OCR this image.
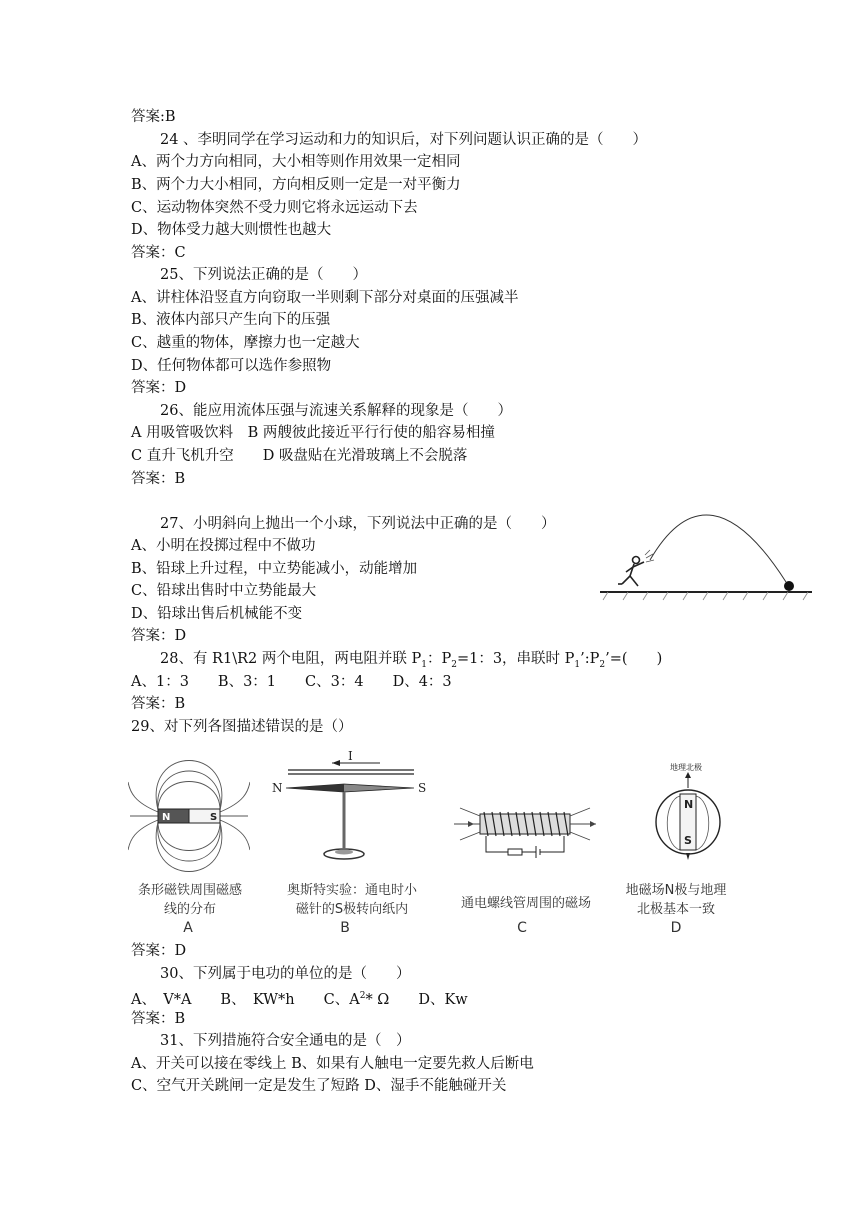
答案:B
24 、李明同学在学习运动和力的知识后，对下列问题认识正确的是（　　）
A、两个力方向相同，大小相等则作用效果一定相同
B、两个力大小相同，方向相反则一定是一对平衡力
C、运动物体突然不受力则它将永远运动下去
D、物体受力越大则惯性也越大
答案：C
25、下列说法正确的是（　　）
A、讲柱体沿竖直方向窃取一半则剩下部分对桌面的压强减半
B、液体内部只产生向下的压强
C、越重的物体，摩擦力也一定越大
D、任何物体都可以选作参照物
答案：D
26、能应用流体压强与流速关系解释的现象是（　　）
A 用吸管吸饮料　B 两艘彼此接近平行行使的船容易相撞
C 直升飞机升空　　D 吸盘贴在光滑玻璃上不会脱落
答案：B
27、小明斜向上抛出一个小球，下列说法中正确的是（　　）
A、小明在投掷过程中不做功
B、铅球上升过程，中立势能减小，动能增加
C、铅球出售时中立势能最大
D、铅球出售后机械能不变
答案：D
28、有 R1\R2 两个电阻，两电阻并联 $P_1$：$P_2=1$：3，串联时 $P_1’:P_2’=$(　　)
A、1：3　　B、3：1　　C、3：4　　D、4：3
答案：B
29、对下列各图描述错误的是（）
N	S
条形磁铁周围磁感
线的分布
A
I
N	S
奥斯特实验：通电时小
磁针的S极转向纸内
B
通电螺线管周围的磁场
C
地理北极
N
S
地磁场N极与地理
北极基本一致
D
答案：D
30、下列属于电功的单位的是（　　）
A、　V*A　　 B、　KW*h　　 C、$A^2*$ Ω　　 D、Kw
答案：B
31、下列措施符合安全通电的是（　）
A、开关可以接在零线上 B、如果有人触电一定要先救人后断电
C、空气开关跳闸一定是发生了短路 D、湿手不能触碰开关
